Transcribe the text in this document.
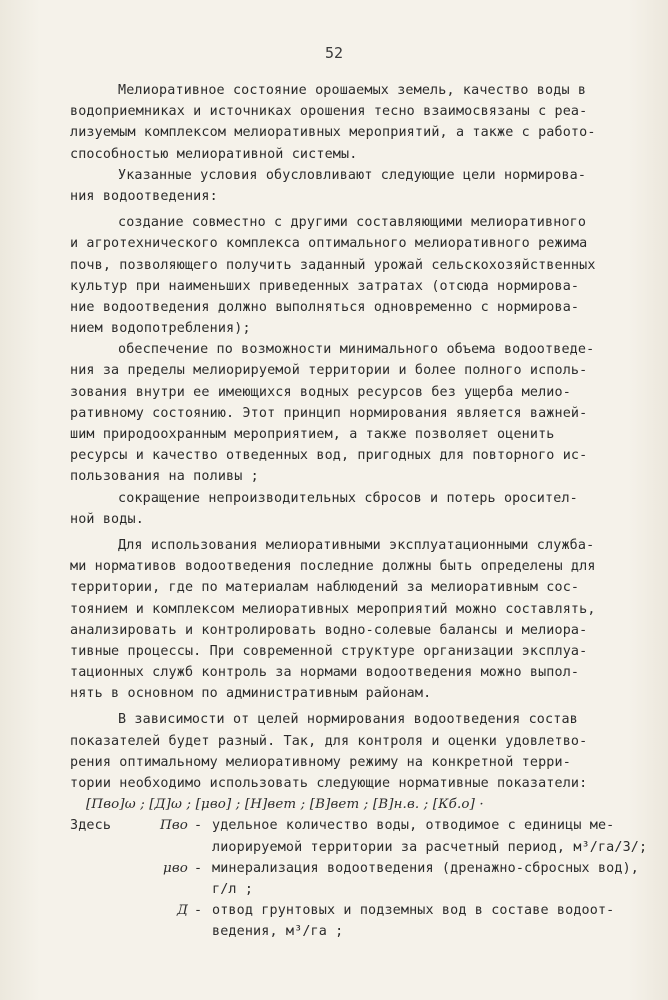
52
Мелиоративное состояние орошаемых земель, качество воды в
водоприемниках и источниках орошения тесно взаимосвязаны с реа-
лизуемым комплексом мелиоративных мероприятий, а также с работо-
способностью мелиоративной системы.
Указанные условия обусловливают следующие цели нормирова-
ния водоотведения:
создание совместно с другими составляющими мелиоративного
и агротехнического комплекса оптимального мелиоративного режима
почв, позволяющего получить заданный урожай сельскохозяйственных
культур при наименьших приведенных затратах (отсюда нормирова-
ние водоотведения должно выполняться одновременно с нормирова-
нием водопотребления);
обеспечение по возможности минимального объема водоотведе-
ния за пределы мелиорируемой территории и более полного исполь-
зования внутри ее имеющихся водных ресурсов без ущерба мелио-
ративному состоянию. Этот принцип нормирования является важней-
шим природоохранным мероприятием, а также позволяет оценить
ресурсы и качество отведенных вод, пригодных для повторного ис-
пользования на поливы ;
сокращение непроизводительных сбросов и потерь оросител-
ной воды.
Для использования мелиоративными эксплуатационными служба-
ми нормативов водоотведения последние должны быть определены для
территории, где по материалам наблюдений за мелиоративным сос-
тоянием и комплексом мелиоративных мероприятий можно составлять,
анализировать и контролировать водно-солевые балансы и мелиора-
тивные процессы. При современной структуре организации эксплуа-
тационных служб контроль за нормами водоотведения можно выпол-
нять в основном по административным районам.
В зависимости от целей нормирования водоотведения состав
показателей будет разный. Так, для контроля и оценки удовлетво-
рения оптимальному мелиоративному режиму на конкретной терри-
тории необходимо использовать следующие нормативные показатели:
[Пво]ω ; [Д]ω ; [μво] ; [Н]вет ; [В]вет ; [В]н.в. ; [Кб.о] ·
Здесь	Пво - удельное количество воды, отводимое с единицы ме-
лиорируемой территории за расчетный период, м³/га/3/;
μво - минерализация водоотведения (дренажно-сбросных вод),
г/л ;
Д - отвод грунтовых и подземных вод в составе водоот-
ведения, м³/га ;
